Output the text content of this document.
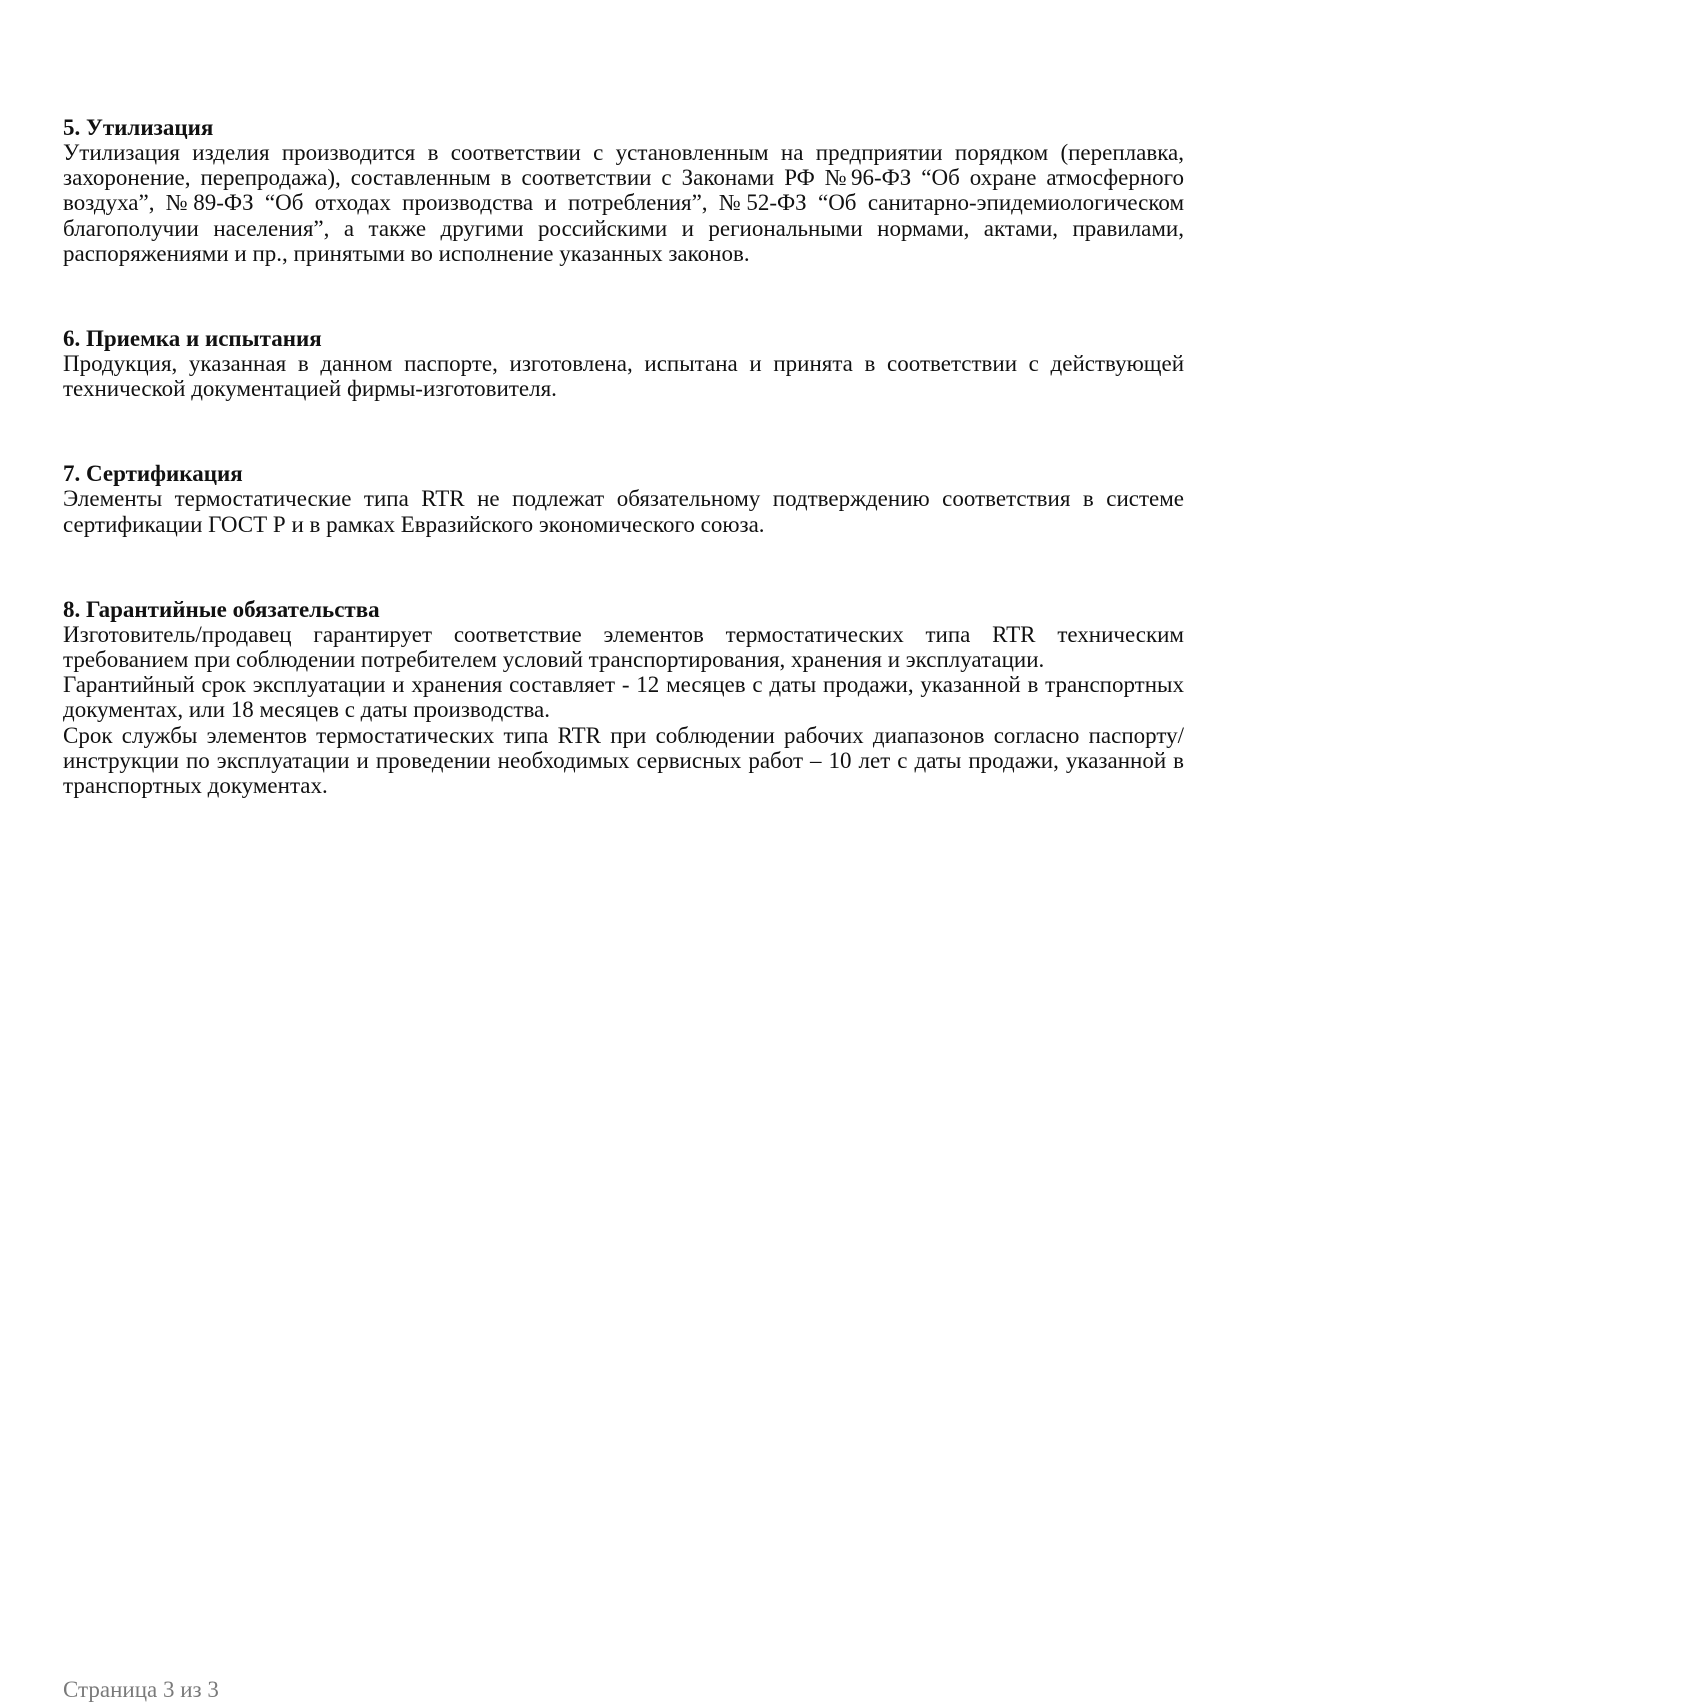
5. Утилизация

Утилизация изделия производится в соответствии с установленным на предприятии порядком (переплавка, захоронение, перепродажа), составленным в соответствии с Законами РФ №96-ФЗ “Об охране атмосферного воздуха”, №89-ФЗ “Об отходах производства и потребления”, №52-ФЗ “Об санитарно-эпидемиологическом благополучии населения”, а также другими российскими и региональными нормами, актами, правилами, распоряжениями и пр., принятыми во исполнение указанных законов.

6. Приемка и испытания

Продукция, указанная в данном паспорте, изготовлена, испытана и принята в соответствии с действующей технической документацией фирмы-изготовителя.

7. Сертификация

Элементы термостатические типа RTR не подлежат обязательному подтверждению соответствия в системе сертификации ГОСТ Р и в рамках Евразийского экономического союза.

8. Гарантийные обязательства

Изготовитель/продавец гарантирует соответствие элементов термостатических типа RTR техническим требованием при соблюдении потребителем условий транспортирования, хранения и эксплуатации.

Гарантийный срок эксплуатации и хранения составляет - 12 месяцев с даты продажи, указанной в транспортных документах, или 18 месяцев с даты производства.

Срок службы элементов термостатических типа RTR при соблюдении рабочих диапазонов согласно паспорту/инструкции по эксплуатации и проведении необходимых сервисных работ – 10 лет с даты продажи, указанной в транспортных документах.

Страница 3 из 3
